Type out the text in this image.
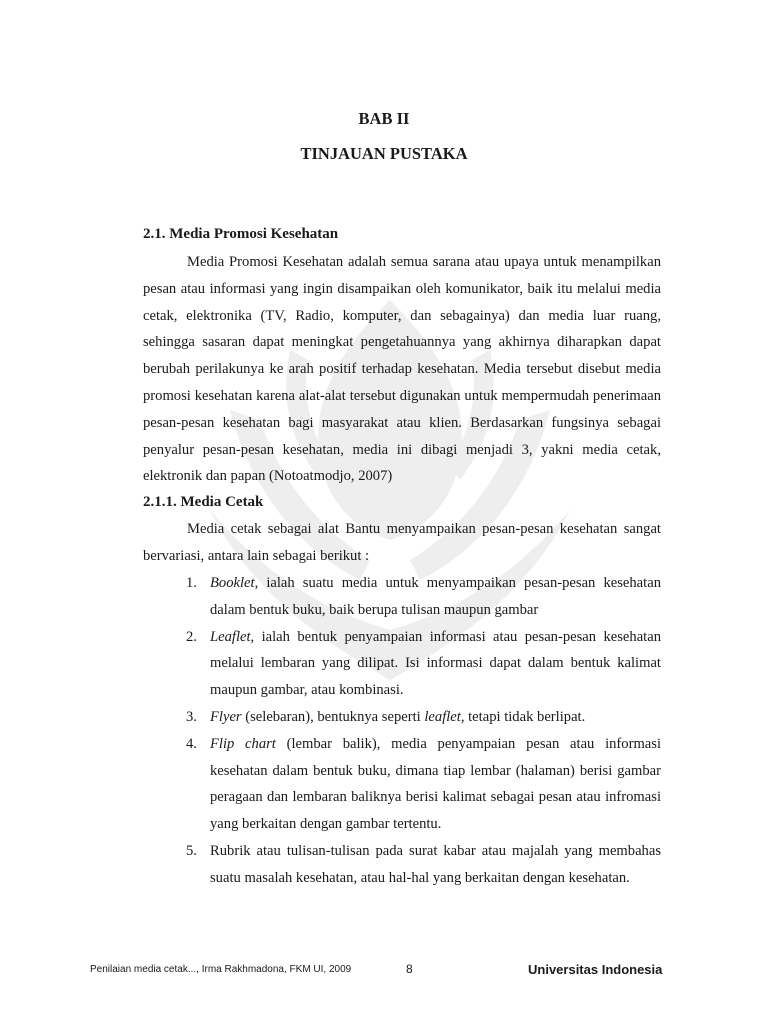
BAB II
TINJAUAN PUSTAKA
2.1. Media Promosi Kesehatan

Media Promosi Kesehatan adalah semua sarana atau upaya untuk menampilkan pesan atau informasi yang ingin disampaikan oleh komunikator, baik itu melalui media cetak, elektronika (TV, Radio, komputer, dan sebagainya) dan media luar ruang, sehingga sasaran dapat meningkat pengetahuannya yang akhirnya diharapkan dapat berubah perilakunya ke arah positif terhadap kesehatan. Media tersebut disebut media promosi kesehatan karena alat-alat tersebut digunakan untuk mempermudah penerimaan pesan-pesan kesehatan bagi masyarakat atau klien. Berdasarkan fungsinya sebagai penyalur pesan-pesan kesehatan, media ini dibagi menjadi 3, yakni media cetak, elektronik dan papan (Notoatmodjo, 2007)

2.1.1. Media Cetak

Media cetak sebagai alat Bantu menyampaikan pesan-pesan kesehatan sangat bervariasi, antara lain sebagai berikut :

1. Booklet, ialah suatu media untuk menyampaikan pesan-pesan kesehatan dalam bentuk buku, baik berupa tulisan maupun gambar
2. Leaflet, ialah bentuk penyampaian informasi atau pesan-pesan kesehatan melalui lembaran yang dilipat. Isi informasi dapat dalam bentuk kalimat maupun gambar, atau kombinasi.
3. Flyer (selebaran), bentuknya seperti leaflet, tetapi tidak berlipat.
4. Flip chart (lembar balik), media penyampaian pesan atau informasi kesehatan dalam bentuk buku, dimana tiap lembar (halaman) berisi gambar peragaan dan lembaran baliknya berisi kalimat sebagai pesan atau infromasi yang berkaitan dengan gambar tertentu.
5. Rubrik atau tulisan-tulisan pada surat kabar atau majalah yang membahas suatu masalah kesehatan, atau hal-hal yang berkaitan dengan kesehatan.
Penilaian media cetak..., Irma Rakhmadona, FKM UI, 2009	8	Universitas Indonesia
